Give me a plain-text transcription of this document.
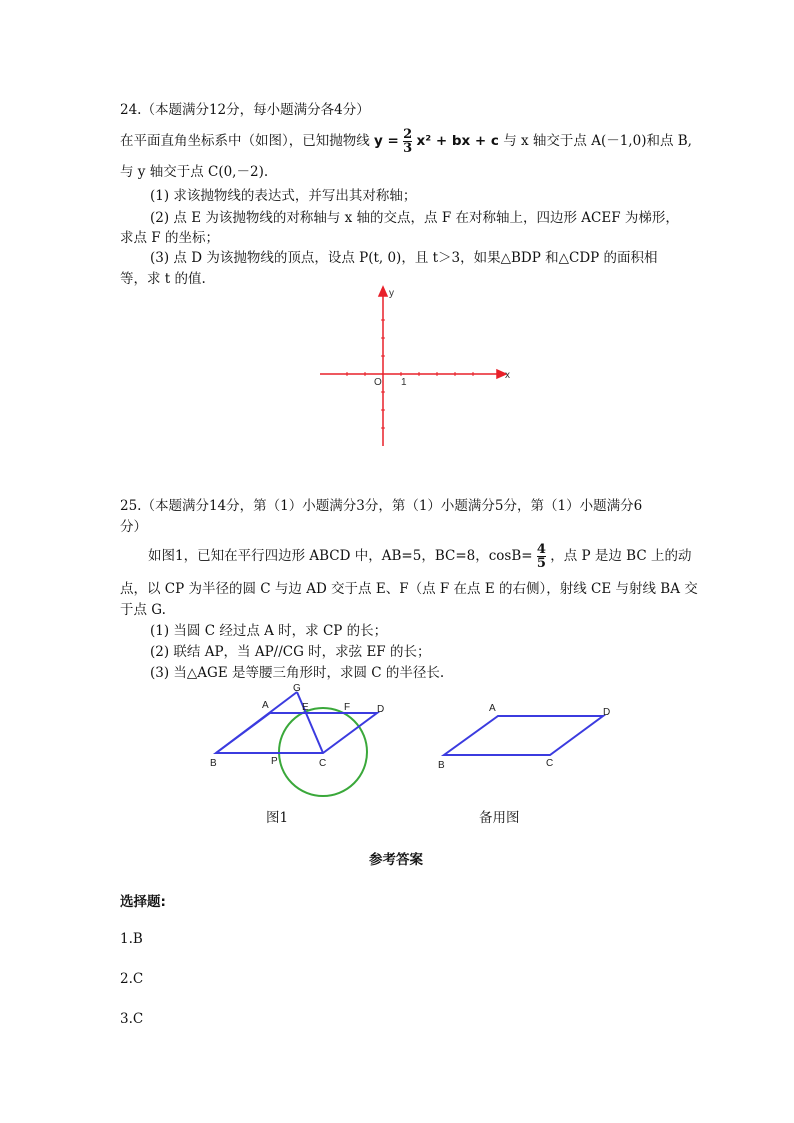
24.（本题满分12分，每小题满分各4分）
在平面直角坐标系中（如图），已知抛物线 $y = \frac{2}{3} x^2$ + bx + c 与 x 轴交于点 A(－1,0)和点 B,
与 y 轴交于点 C(0,－2).
(1) 求该抛物线的表达式，并写出其对称轴；
(2) 点 E 为该抛物线的对称轴与 x 轴的交点，点 F 在对称轴上，四边形 ACEF 为梯形，
求点 F 的坐标；
(3) 点 D 为该抛物线的顶点，设点 P(t, 0)，且 t＞3，如果△BDP 和△CDP 的面积相
等，求 t 的值.
x
y
O 1
25.（本题满分14分，第（1）小题满分3分，第（1）小题满分5分，第（1）小题满分6
分）
如图1，已知在平行四边形 ABCD 中，AB=5，BC=8，$\cos B= \frac{4}{5}$ ，点 P 是边 BC 上的动
点，以 CP 为半径的圆 C 与边 AD 交于点 E、F（点 F 在点 E 的右侧），射线 CE 与射线 BA 交
于点 G.
(1) 当圆 C 经过点 A 时，求 CP 的长；
(2) 联结 AP，当 AP//CG 时，求弦 EF 的长；
(3) 当△AGE 是等腰三角形时，求圆 C 的半径长.
A
B	C
D
E	F
G
P
图1
A
B	C
D
备用图
参考答案
选择题:
1.B
2.C
3.C
